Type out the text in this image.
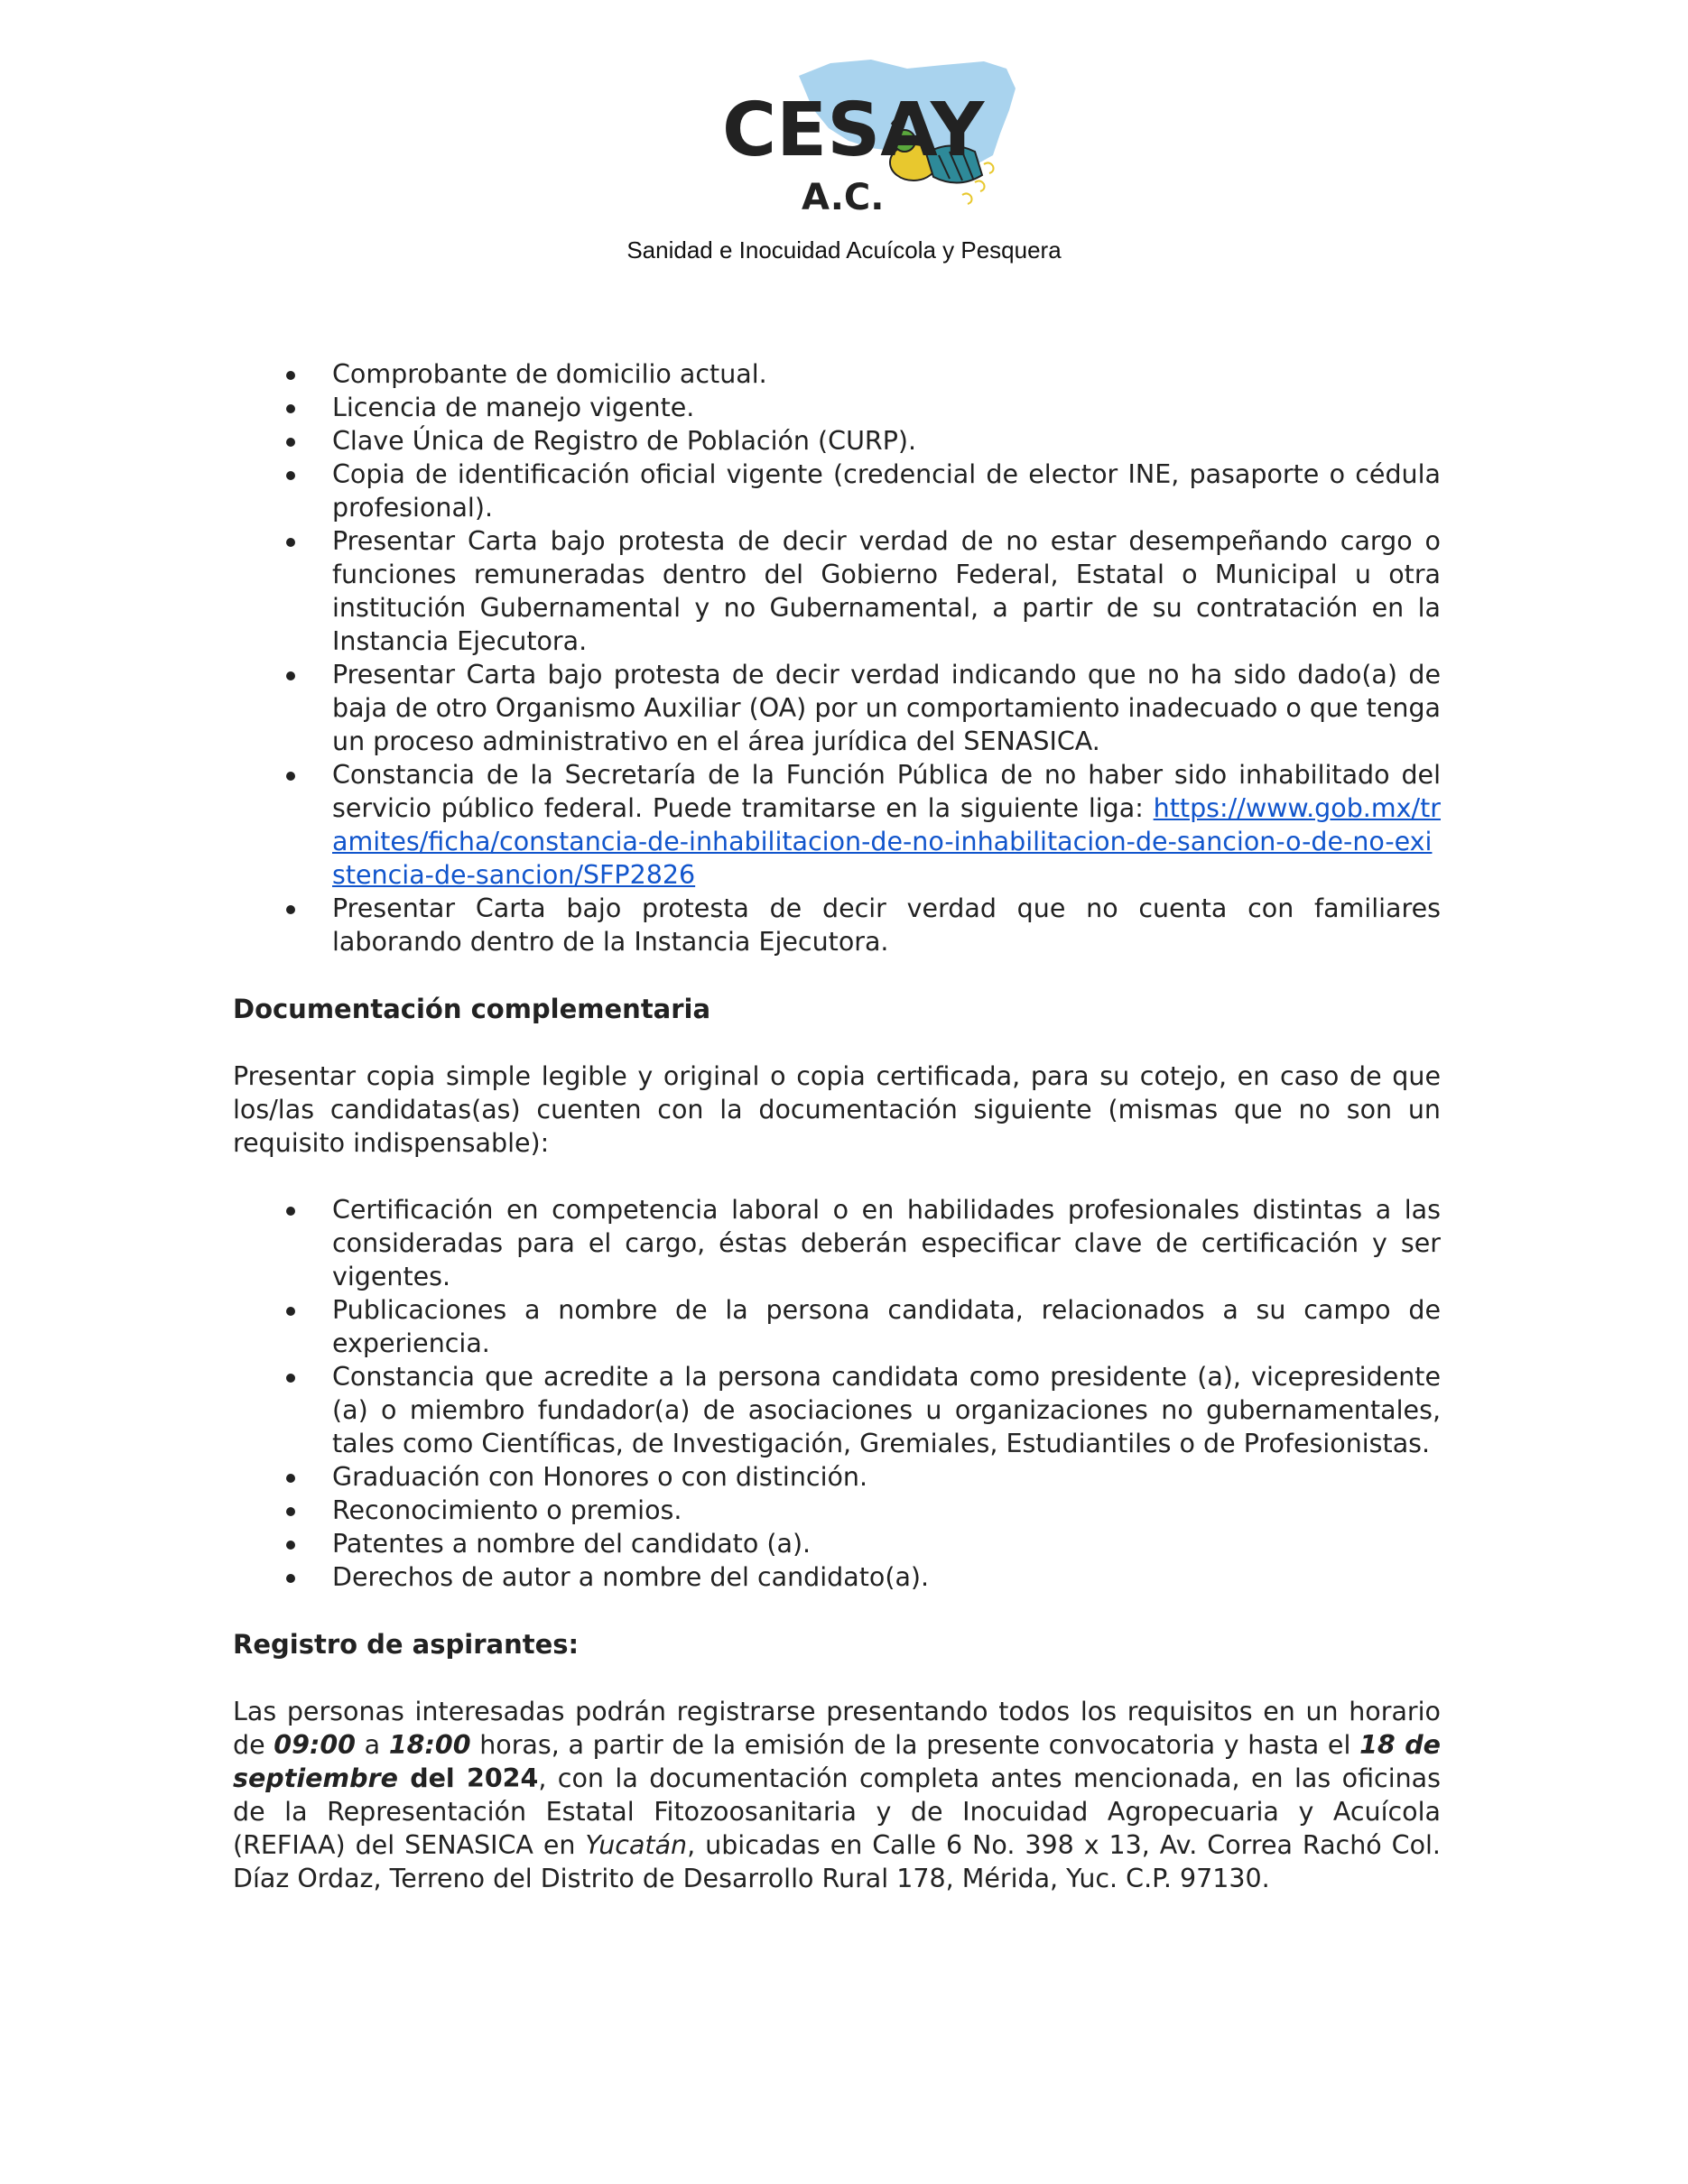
CESAY
A.C.
Sanidad e Inocuidad Acuícola y Pesquera
Comprobante de domicilio actual.
Licencia de manejo vigente.
Clave Única de Registro de Población (CURP).
Copia de identificación oficial vigente (credencial de elector INE, pasaporte o cédula profesional).
Presentar Carta bajo protesta de decir verdad de no estar desempeñando cargo o funciones remuneradas dentro del Gobierno Federal, Estatal o Municipal u otra institución Gubernamental y no Gubernamental, a partir de su contratación en la Instancia Ejecutora.
Presentar Carta bajo protesta de decir verdad indicando que no ha sido dado(a) de baja de otro Organismo Auxiliar (OA) por un comportamiento inadecuado o que tenga un proceso administrativo en el área jurídica del SENASICA.
Constancia de la Secretaría de la Función Pública de no haber sido inhabilitado del servicio público federal. Puede tramitarse en la siguiente liga: https://www.gob.mx/tramites/ficha/constancia-de-inhabilitacion-de-no-inhabilitacion-de-sancion-o-de-no-existencia-de-sancion/SFP2826
Presentar Carta bajo protesta de decir verdad que no cuenta con familiares laborando dentro de la Instancia Ejecutora.

Documentación complementaria

Presentar copia simple legible y original o copia certificada, para su cotejo, en caso de que los/las candidatas(as) cuenten con la documentación siguiente (mismas que no son un requisito indispensable):

Certificación en competencia laboral o en habilidades profesionales distintas a las consideradas para el cargo, éstas deberán especificar clave de certificación y ser vigentes.
Publicaciones a nombre de la persona candidata, relacionados a su campo de experiencia.
Constancia que acredite a la persona candidata como presidente (a), vicepresidente (a) o miembro fundador(a) de asociaciones u organizaciones no gubernamentales, tales como Científicas, de Investigación, Gremiales, Estudiantiles o de Profesionistas.
Graduación con Honores o con distinción.
Reconocimiento o premios.
Patentes a nombre del candidato (a).
Derechos de autor a nombre del candidato(a).

Registro de aspirantes:

Las personas interesadas podrán registrarse presentando todos los requisitos en un horario de 09:00 a 18:00 horas, a partir de la emisión de la presente convocatoria y hasta el 18 de septiembre del 2024, con la documentación completa antes mencionada, en las oficinas de la Representación Estatal Fitozoosanitaria y de Inocuidad Agropecuaria y Acuícola (REFIAA) del SENASICA en Yucatán, ubicadas en Calle 6 No. 398 x 13, Av. Correa Rachó Col. Díaz Ordaz, Terreno del Distrito de Desarrollo Rural 178, Mérida, Yuc. C.P. 97130.
